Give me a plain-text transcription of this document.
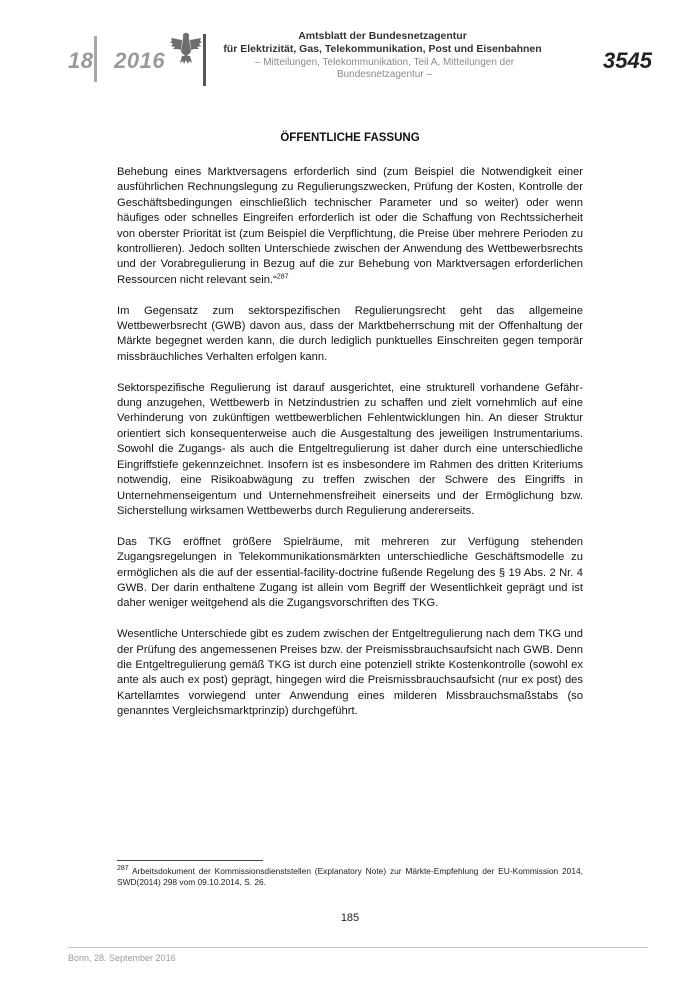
18 2016
Amtsblatt der Bundesnetzagentur
für Elektrizität, Gas, Telekommunikation, Post und Eisenbahnen
– Mitteilungen, Telekommunikation, Teil A, Mitteilungen der Bundesnetzagentur –
3545
ÖFFENTLICHE FASSUNG

Behebung eines Marktversagens erforderlich sind (zum Beispiel die Notwendigkeit einer ausführlichen Rechnungslegung zu Regulierungszwecken, Prüfung der Kosten, Kontrolle der Geschäftsbedingungen einschließlich technischer Parameter und so weiter) oder wenn häufiges oder schnelles Eingreifen erforderlich ist oder die Schaffung von Rechtssicherheit von oberster Priorität ist (zum Beispiel die Verpflichtung, die Preise über mehrere Perioden zu kontrollieren). Jedoch sollten Unterschiede zwischen der Anwendung des Wettbewerbsrechts und der Vorabregulierung in Bezug auf die zur Behebung von Marktversagen erforderlichen Ressourcen nicht relevant sein.“$^{287}$

Im Gegensatz zum sektorspezifischen Regulierungsrecht geht das allgemeine Wettbewerbsrecht (GWB) davon aus, dass der Marktbeherrschung mit der Offenhaltung der Märkte begegnet werden kann, die durch lediglich punktuelles Einschreiten gegen temporär missbräuchliches Verhalten erfolgen kann.

Sektorspezifische Regulierung ist darauf ausgerichtet, eine strukturell vorhandene Gefährdung anzugehen, Wettbewerb in Netzindustrien zu schaffen und zielt vornehmlich auf eine Verhinderung von zukünftigen wettbewerblichen Fehlentwicklungen hin. An dieser Struktur orientiert sich konsequenterweise auch die Ausgestaltung des jeweiligen Instrumentariums. Sowohl die Zugangs- als auch die Entgeltregulierung ist daher durch eine unterschiedliche Eingriffstiefe gekennzeichnet. Insofern ist es insbesondere im Rahmen des dritten Kriteriums notwendig, eine Risikoabwägung zu treffen zwischen der Schwere des Eingriffs in Unternehmenseigentum und Unternehmensfreiheit einerseits und der Ermöglichung bzw. Sicherstellung wirksamen Wettbewerbs durch Regulierung andererseits.

Das TKG eröffnet größere Spielräume, mit mehreren zur Verfügung stehenden Zugangsregelungen in Telekommunikationsmärkten unterschiedliche Geschäftsmodelle zu ermöglichen als die auf der essential-facility-doctrine fußende Regelung des § 19 Abs. 2 Nr. 4 GWB. Der darin enthaltene Zugang ist allein vom Begriff der Wesentlichkeit geprägt und ist daher weniger weitgehend als die Zugangsvorschriften des TKG.

Wesentliche Unterschiede gibt es zudem zwischen der Entgeltregulierung nach dem TKG und der Prüfung des angemessenen Preises bzw. der Preismissbrauchsaufsicht nach GWB. Denn die Entgeltregulierung gemäß TKG ist durch eine potenziell strikte Kostenkontrolle (sowohl ex ante als auch ex post) geprägt, hingegen wird die Preismissbrauchsaufsicht (nur ex post) des Kartellamtes vorwiegend unter Anwendung eines milderen Missbrauchsmaßstabs (so genanntes Vergleichsmarktprinzip) durchgeführt.

$^{287}$ Arbeitsdokument der Kommissionsdienststellen (Explanatory Note) zur Märkte-Empfehlung der EU-Kommission 2014, SWD(2014) 298 vom 09.10.2014, S. 26.
185
Bonn, 28. September 2016
